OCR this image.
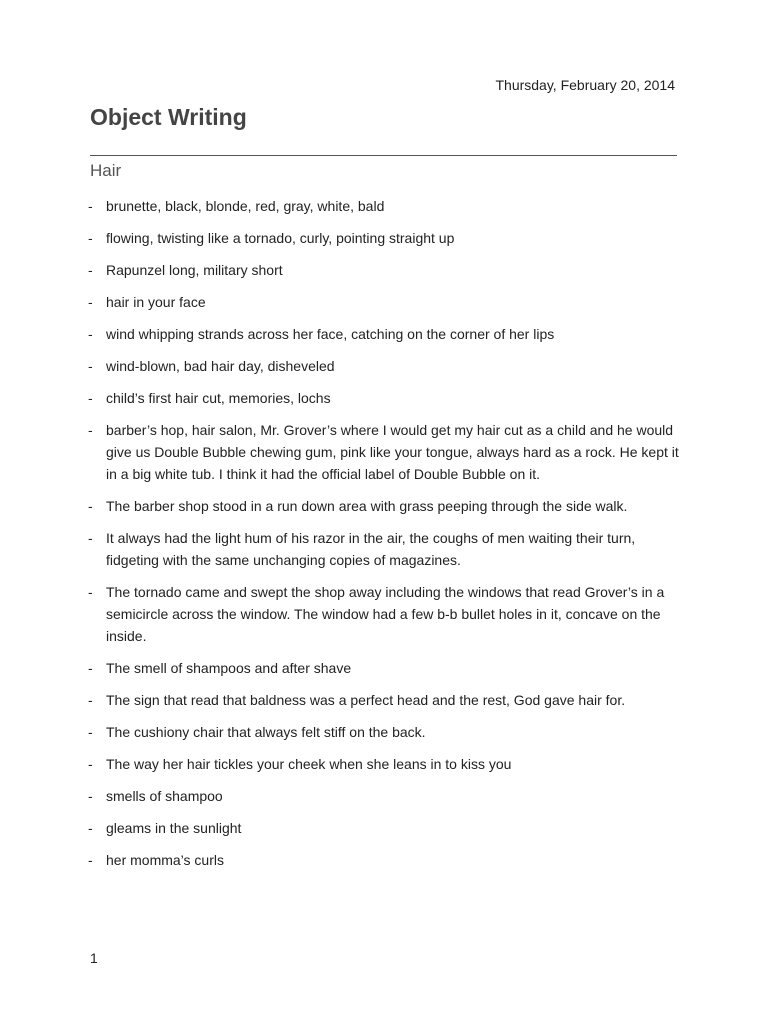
Thursday, February 20, 2014
Object Writing
Hair
- brunette, black, blonde, red, gray, white, bald
- flowing, twisting like a tornado, curly, pointing straight up
- Rapunzel long, military short
- hair in your face
- wind whipping strands across her face, catching on the corner of her lips
- wind-blown, bad hair day, disheveled
- child’s first hair cut, memories, lochs
- barber’s hop, hair salon, Mr. Grover’s where I would get my hair cut as a child and he would give us Double Bubble chewing gum, pink like your tongue, always hard as a rock. He kept it in a big white tub. I think it had the official label of Double Bubble on it.
- The barber shop stood in a run down area with grass peeping through the side walk.
- It always had the light hum of his razor in the air, the coughs of men waiting their turn, fidgeting with the same unchanging copies of magazines.
- The tornado came and swept the shop away including the windows that read Grover’s in a semicircle across the window. The window had a few b-b bullet holes in it, concave on the inside.
- The smell of shampoos and after shave
- The sign that read that baldness was a perfect head and the rest, God gave hair for.
- The cushiony chair that always felt stiff on the back.
- The way her hair tickles your cheek when she leans in to kiss you
- smells of shampoo
- gleams in the sunlight
- her momma’s curls
1
